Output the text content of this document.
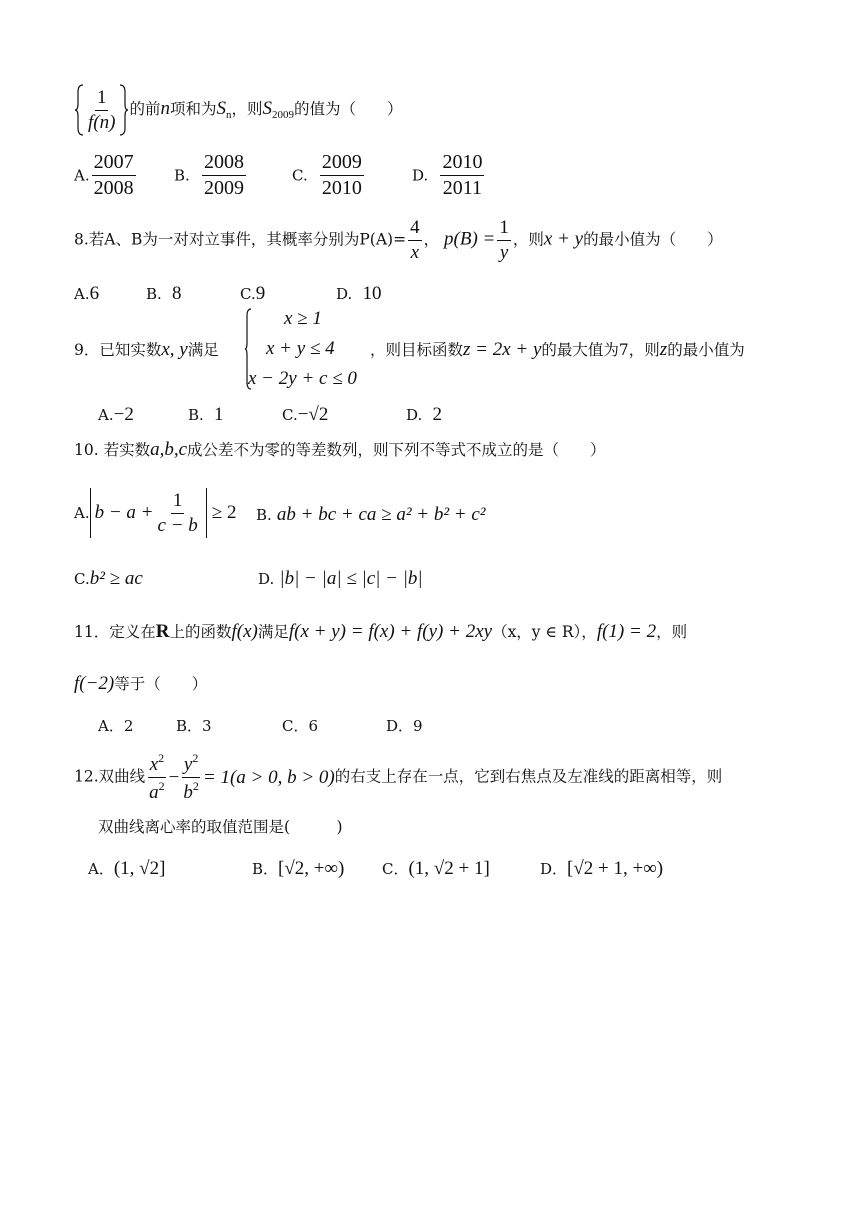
$\frac{1}{f(n)}$ 的前n项和为$S_n$，则$S_{2009}$的值为（　　）
A. $\frac{2007}{2008}$	B. $\frac{2008}{2009}$	C. $\frac{2009}{2010}$	D. $\frac{2010}{2011}$
8.若A、B为一对对立事件，其概率分别为$P(A)= \frac{4}{x}$ ， $p(B) = \frac{1}{y}$ ，则x + y的最小值为（　　）
A.6	B. 8	C.9	D. 10
9．已知实数x, y满足
x ≥ 1
x + y ≤ 4
x − 2y + c ≤ 0
，则目标函数z = 2x + y的最大值为7，则z的最小值为
A.−2	B. 1	C.−√2	D. 2
10. 若实数a,b,c成公差不为零的等差数列，则下列不等式不成立的是（　　）
A. $b - a + \frac{1}{c - b} \ge 2$ B. ab + bc + ca ≥ a² + b² + c²
C.b² ≥ ac	D. |b| − |a| ≤ |c| − |b|
11．定义在R上的函数f(x)满足f(x + y) = f(x) + f(y) + 2xy（x，y ∈ R），f(1) = 2，则
f(−2)等于（　　）
A．2	B．3	C．6	D．9
12.双曲线 $\frac{x^2}{a^2} - \frac{y^2}{b^2} = 1(a > 0$, b > 0)的右支上存在一点，它到右焦点及左准线的距离相等，则
双曲线离心率的取值范围是(　　　)
A．(1, √2]	B．[√2, +∞)	C．(1, √2 + 1]	D．[√2 + 1, +∞)
